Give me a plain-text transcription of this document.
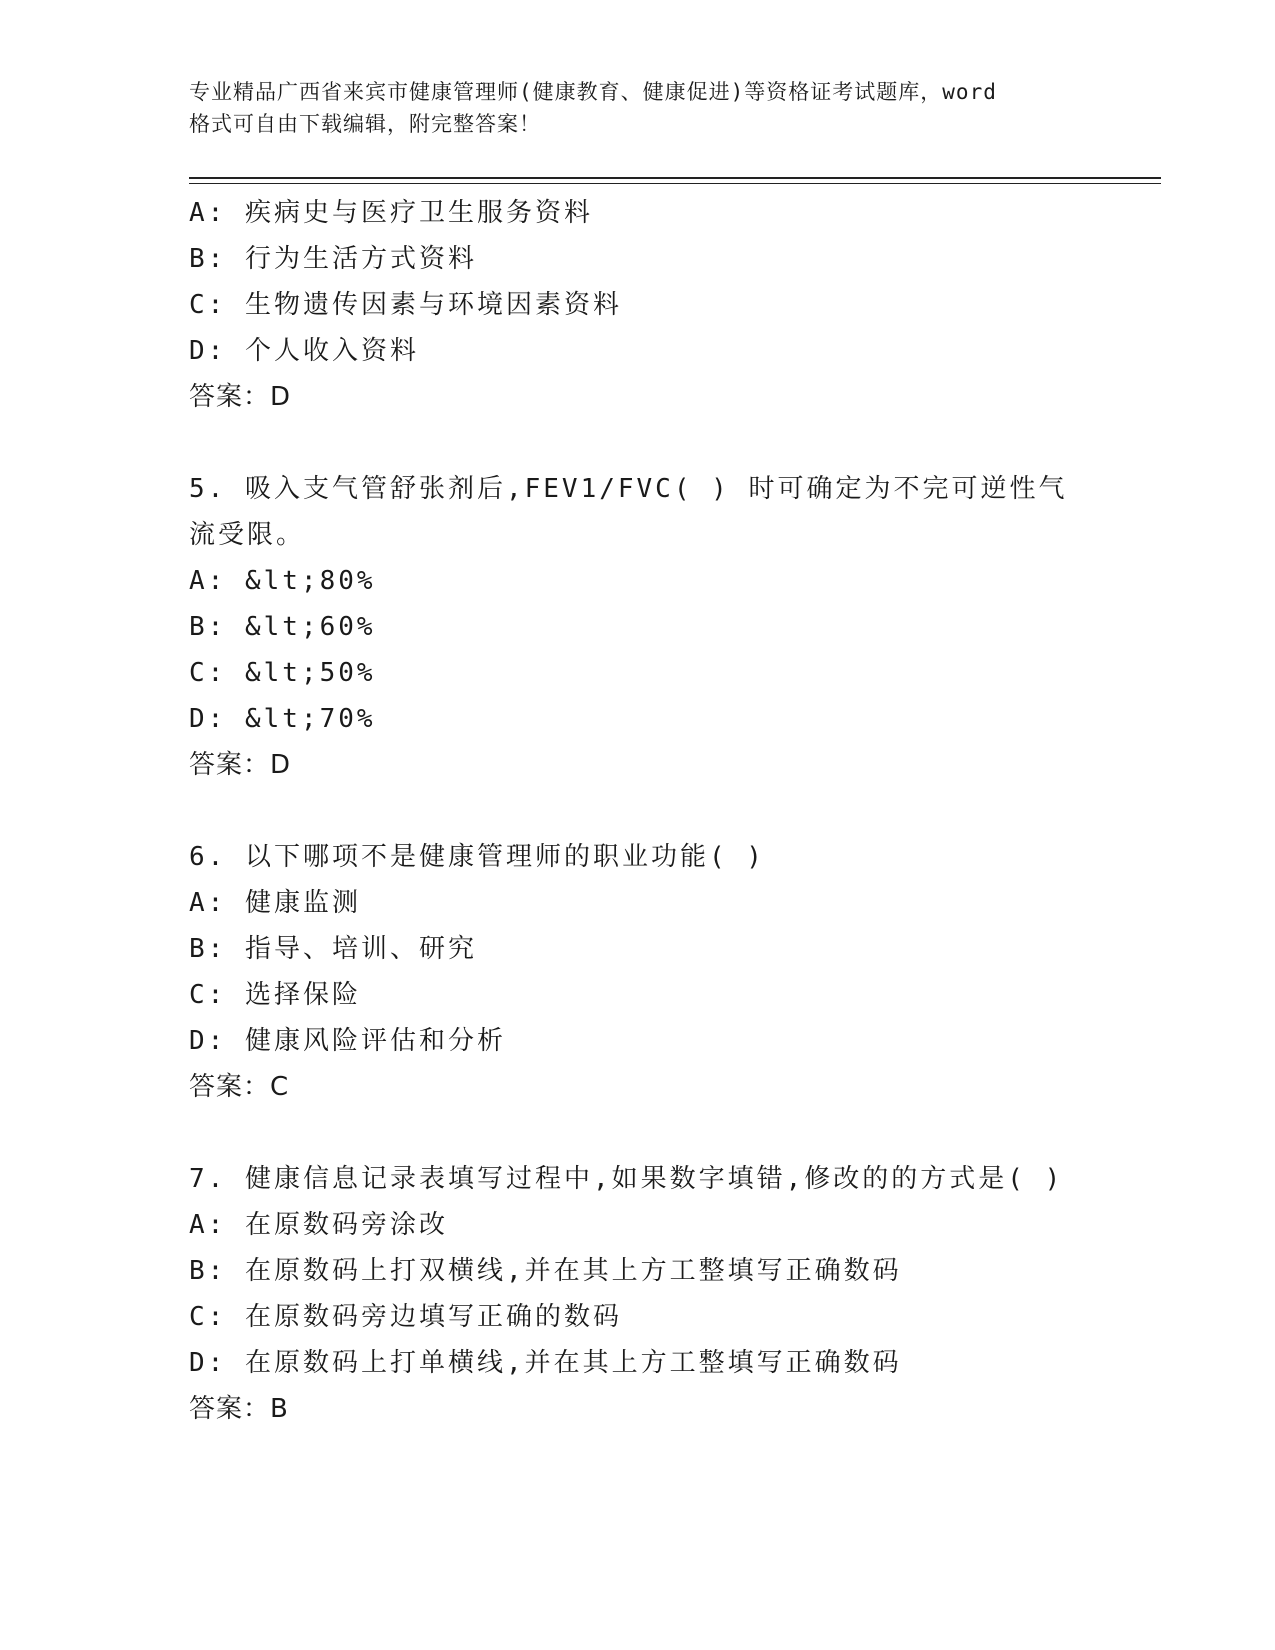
专业精品广西省来宾市健康管理师(健康教育、健康促进)等资格证考试题库，word

格式可自由下载编辑，附完整答案！

A: 疾病史与医疗卫生服务资料
B: 行为生活方式资料
C: 生物遗传因素与环境因素资料
D: 个人收入资料
答案：D
5. 吸入支气管舒张剂后,FEV1/FVC( ) 时可确定为不完可逆性气
流受限。
A: &lt;80%
B: &lt;60%
C: &lt;50%
D: &lt;70%
答案：D
6. 以下哪项不是健康管理师的职业功能( )
A: 健康监测
B: 指导、培训、研究
C: 选择保险
D: 健康风险评估和分析
答案：C
7. 健康信息记录表填写过程中,如果数字填错,修改的的方式是( )
A: 在原数码旁涂改
B: 在原数码上打双横线,并在其上方工整填写正确数码
C: 在原数码旁边填写正确的数码
D: 在原数码上打单横线,并在其上方工整填写正确数码
答案：B
